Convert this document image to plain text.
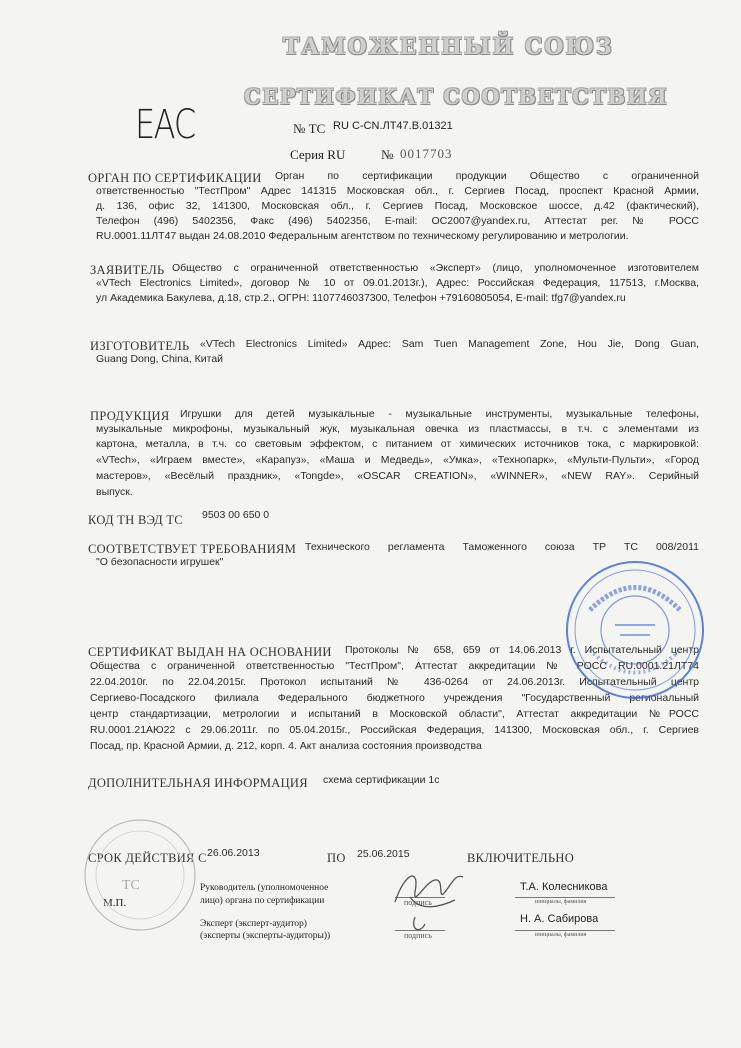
ТАМОЖЕННЫЙ СОЮЗ
СЕРТИФИКАТ СООТВЕТСТВИЯ
ЕАС	№ ТС RU С-CN.ЛТ47.В.01321
Серия RU	№ 0017703
ОРГАН ПО СЕРТИФИКАЦИИ Орган по сертификации продукции Общество с ограниченной
ответственностью "ТестПром" Адрес 141315 Московская обл., г. Сергиев Посад, проспект Красной Армии,
д. 136, офис 32, 141300, Московская обл., г. Сергиев Посад, Московское шоссе, д.42 (фактический),
Телефон (496) 5402356, Факс (496) 5402356, E-mail: OC2007@yandex.ru, Аттестат рег. № РОСС
RU.0001.11ЛТ47 выдан 24.08.2010 Федеральным агентством по техническому регулированию и метрологии.
ЗАЯВИТЕЛЬ Общество с ограниченной ответственностью «Эксперт» (лицо, уполномоченное изготовителем
«VTech Electronics Limited», договор № 10 от 09.01.2013г.), Адрес: Российская Федерация, 117513, г.Москва,
ул Академика Бакулева, д.18, стр.2., ОГРН: 1107746037300, Телефон +79160805054, E-mail: tfg7@yandex.ru
ИЗГОТОВИТЕЛЬ «VTech Electronics Limited» Адрес: Sam Tuen Management Zone, Hou Jie, Dong Guan,
Guang Dong, China, Китай
ПРОДУКЦИЯ Игрушки для детей музыкальные - музыкальные инструменты, музыкальные телефоны,
музыкальные микрофоны, музыкальный жук, музыкальная овечка из пластмассы, в т.ч. с элементами из
картона, металла, в т.ч. со световым эффектом, с питанием от химических источников тока, с маркировкой:
«VTech», «Играем вместе», «Карапуз», «Маша и Медведь», «Умка», «Технопарк», «Мульти-Пульти», «Город
мастеров», «Весёлый праздник», «Tongde», «OSCAR CREATION», «WINNER», «NEW RAY». Серийный
выпуск.
КОД ТН ВЭД ТС 9503 00 650 0
СООТВЕТСТВУЕТ ТРЕБОВАНИЯМ Технического регламента Таможенного союза ТР ТС 008/2011
"О безопасности игрушек"
СЕРТИФИКАТ ВЫДАН НА ОСНОВАНИИ Протоколы № 658, 659 от 14.06.2013 г. Испытательный центр
Общества с ограниченной ответственностью "ТестПром", Аттестат аккредитации № РОСС RU.0001.21ЛТ74
22.04.2010г. по 22.04.2015г. Протокол испытаний № 436-0264 от 24.06.2013г. Испытательный центр
Сергиево-Посадского филиала Федерального бюджетного учреждения "Государственный региональный
центр стандартизации, метрологии и испытаний в Московской области", Аттестат аккредитации №РОСС
RU.0001.21АЮ22 с 29.06.2011г. по 05.04.2015г., Российская Федерация, 141300, Московская обл., г. Сергиев
Посад, пр. Красной Армии, д. 212, корп. 4. Акт анализа состояния производства
ДОПОЛНИТЕЛЬНАЯ ИНФОРМАЦИЯ схема сертификации 1с
СРОК ДЕЙСТВИЯ С 26.06.2013	ПО 25.06.2015	ВКЛЮЧИТЕЛЬНО
М.П.
Руководитель (уполномоченное
лицо) органа по сертификации
Эксперт (эксперт-аудитор)
(эксперты (эксперты-аудиторы))
подпись
подпись
Т.А. Колесникова
инициалы, фамилия
Н. А. Сабирова
инициалы, фамилия
ТС
